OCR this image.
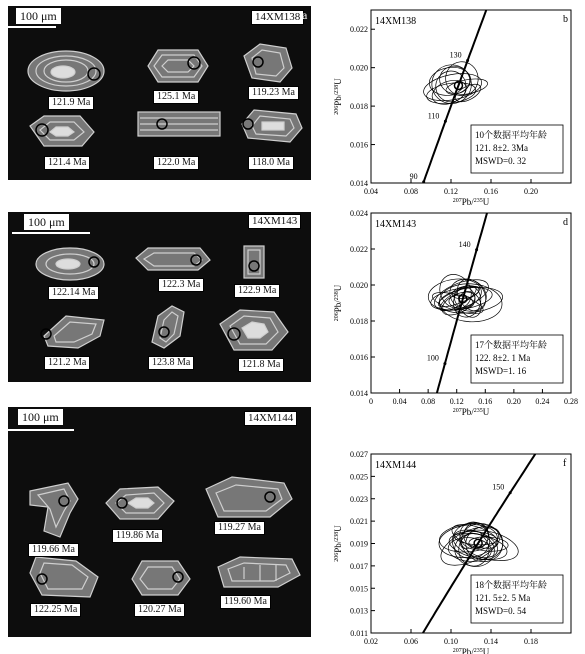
100 μm	14XM138 a
121.9 Ma
125.1 Ma	119.23 Ma
121.4 Ma	122.0 Ma	118.0 Ma
100 μm	14XM143
122.14 Ma
122.3 Ma
122.9 Ma
121.2 Ma	123.8 Ma	121.8 Ma
100 μm	14XM144
119.66 Ma
119.86 Ma
119.27 Ma
122.25 Ma	120.27 Ma
119.60 Ma
0.04	0.08	0.12	0.16	0.20
0.014
0.016
0.018
0.020
0.022
$^{207}$Pb/$^{235}$U
$^{206}$Pb/$^{238}$U
14XM138	b
90
110
130
10个数据平均年龄
121. 8±2. 3Ma
MSWD=0. 32
0 0.04 0.08 0.12 0.16 0.20 0.24 0.28
0.014
0.016
0.018
0.020
0.022
0.024
$^{207}$Pb/$^{235}$U
$^{206}$Pb/$^{238}$U
14XM143	d
100
140
17个数据平均年龄
122. 8±2. 1 Ma
MSWD=1. 16
0.02	0.06	0.10	0.14	0.18
0.011
0.013
0.015
0.017
0.019
0.021
0.023
0.025
0.027
$^{207}$Pb/$^{235}$U
$^{206}$Pb/$^{238}$U
14XM144	f
150
18个数据平均年龄
121. 5±2. 5 Ma
MSWD=0. 54
